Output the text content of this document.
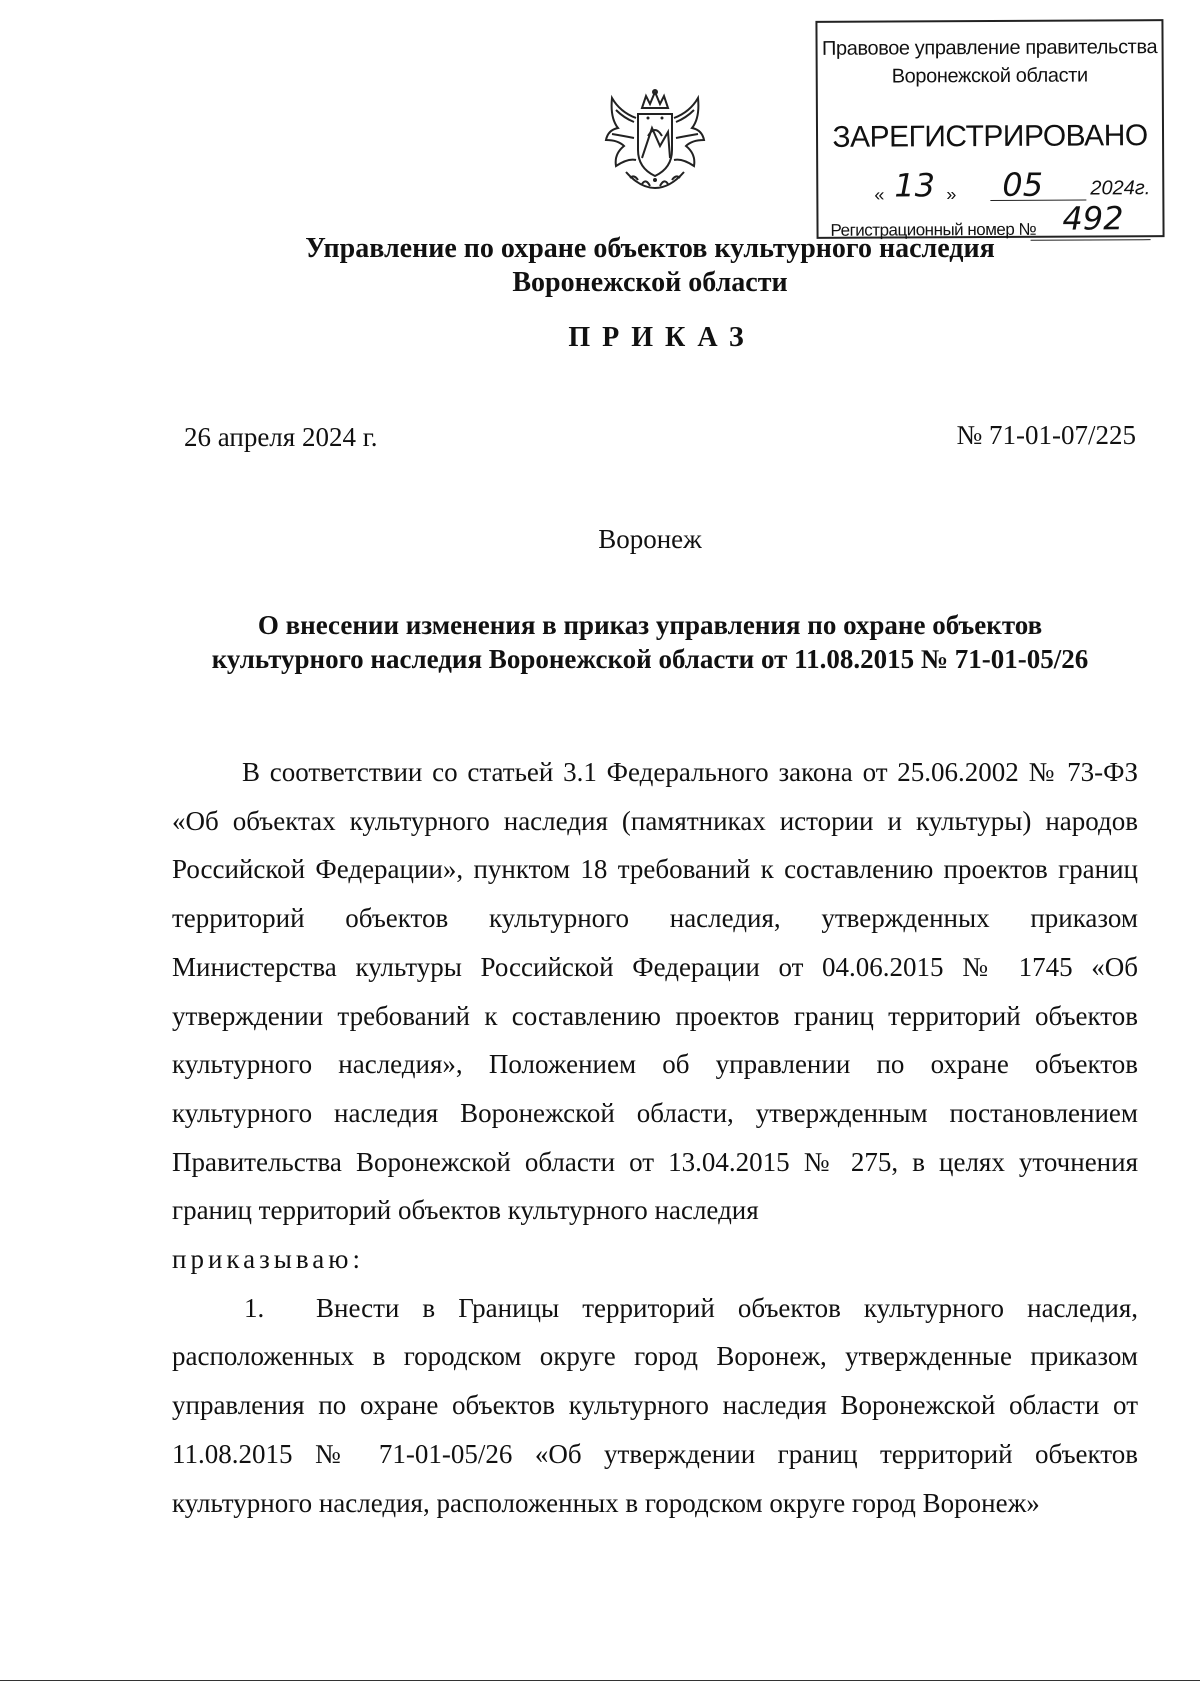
Правовое управление правительства
Воронежской области
ЗАРЕГИСТРИРОВАНО
« 13 » 05 2024г.
Регистрационный номер № 492
Управление по охране объектов культурного наследия
Воронежской области
ПРИКАЗ
26 апреля 2024 г.	№ 71-01-07/225
Воронеж
О внесении изменения в приказ управления по охране объектов
культурного наследия Воронежской области от 11.08.2015 № 71-01-05/26

В соответствии со статьей 3.1 Федерального закона от 25.06.2002 № 73-ФЗ «Об объектах культурного наследия (памятниках истории и культуры) народов Российской Федерации», пунктом 18 требований к составлению проектов границ территорий объектов культурного наследия, утвержденных приказом Министерства культуры Российской Федерации от 04.06.2015 № 1745 «Об утверждении требований к составлению проектов границ территорий объектов культурного наследия», Положением об управлении по охране объектов культурного наследия Воронежской области, утвержденным постановлением Правительства Воронежской области от 13.04.2015 № 275, в целях уточнения границ территорий объектов культурного наследия

приказываю:

1. Внести в Границы территорий объектов культурного наследия, расположенных в городском округе город Воронеж, утвержденные приказом управления по охране объектов культурного наследия Воронежской области от 11.08.2015 № 71-01-05/26 «Об утверждении границ территорий объектов культурного наследия, расположенных в городском округе город Воронеж»
